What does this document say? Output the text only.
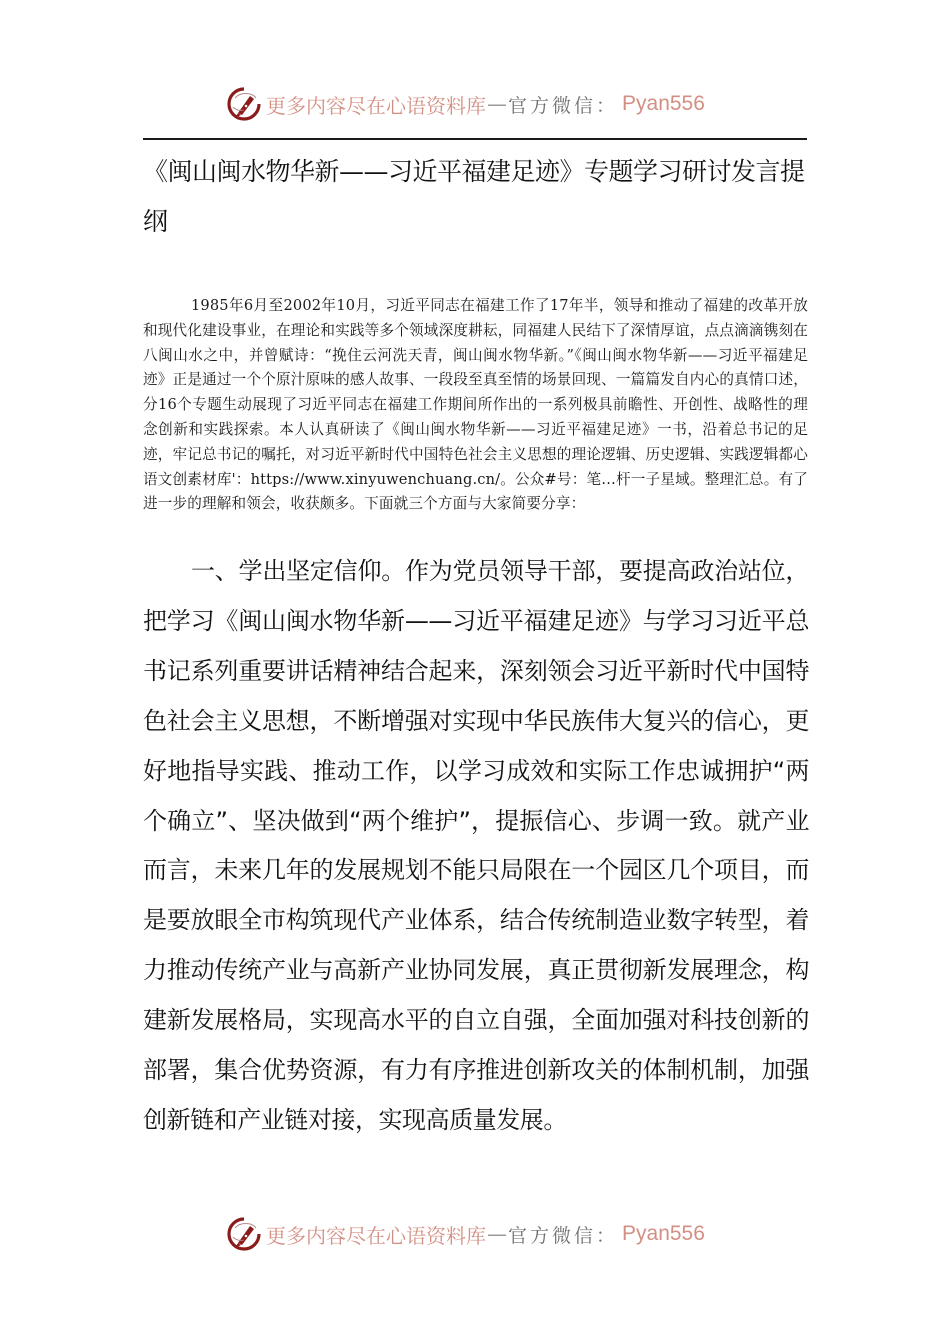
更多内容尽在心语资料库 — 官方微信： Pyan556
《闽山闽水物华新——习近平福建足迹》专题学习研讨发言提纲

1985年6月至2002年10月，习近平同志在福建工作了17年半，领导和推动了福建的改革开放和现代化建设事业，在理论和实践等多个领域深度耕耘，同福建人民结下了深情厚谊，点点滴滴镌刻在八闽山水之中，并曾赋诗：“挽住云河洗天青，闽山闽水物华新。”《闽山闽水物华新——习近平福建足迹》正是通过一个个原汁原味的感人故事、一段段至真至情的场景回现、一篇篇发自内心的真情口述，分16个专题生动展现了习近平同志在福建工作期间所作出的一系列极具前瞻性、开创性、战略性的理念创新和实践探索。本人认真研读了《闽山闽水物华新——习近平福建足迹》一书，沿着总书记的足迹，牢记总书记的嘱托，对习近平新时代中国特色社会主义思想的理论逻辑、历史逻辑、实践逻辑都心语文创素材库'：https://www.xinyuwenchuang.cn/。公众#号：笔…杆一子星域。整理汇总。有了进一步的理解和领会，收获颇多。下面就三个方面与大家简要分享：

一、学出坚定信仰。作为党员领导干部，要提高政治站位，把学习《闽山闽水物华新——习近平福建足迹》与学习习近平总书记系列重要讲话精神结合起来，深刻领会习近平新时代中国特色社会主义思想，不断增强对实现中华民族伟大复兴的信心，更好地指导实践、推动工作，以学习成效和实际工作忠诚拥护“两个确立”、坚决做到“两个维护”，提振信心、步调一致。就产业而言，未来几年的发展规划不能只局限在一个园区几个项目，而是要放眼全市构筑现代产业体系，结合传统制造业数字转型，着力推动传统产业与高新产业协同发展，真正贯彻新发展理念，构建新发展格局，实现高水平的自立自强，全面加强对科技创新的部署，集合优势资源，有力有序推进创新攻关的体制机制，加强创新链和产业链对接，实现高质量发展。

更多内容尽在心语资料库 — 官方微信： Pyan556
